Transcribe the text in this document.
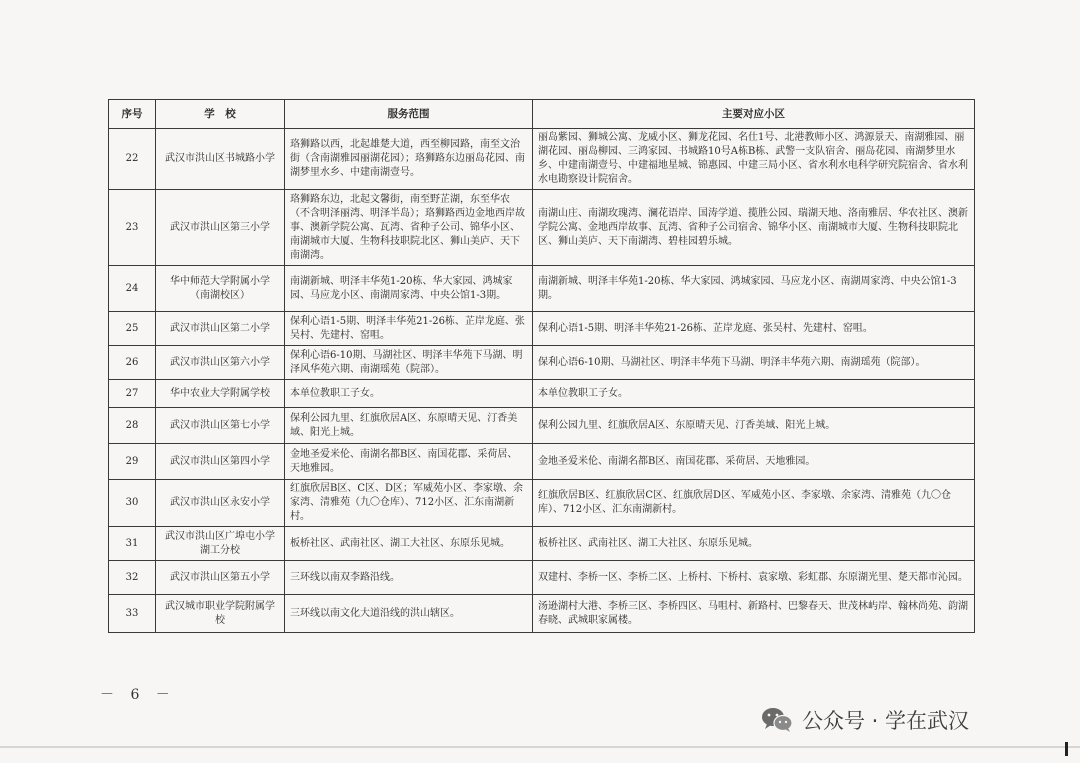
序号	学　校	服务范围	主要对应小区
22	武汉市洪山区书城路小学	珞狮路以西，北起雄楚大道，西至柳园路，南至文治街（含南湖雅园丽湖花园）；珞狮路东边丽岛花园、南湖梦里水乡、中建南湖壹号。	丽岛紫园、狮城公寓、龙威小区、狮龙花园、名仕1号、北港教师小区、鸿源景天、南湖雅园、丽湖花园、丽岛柳园、三鸿家园、书城路10号A栋B栋、武警一支队宿舍、丽岛花园、南湖梦里水乡、中建南湖壹号、中建福地星城、锦惠园、中建三局小区、省水利水电科学研究院宿舍、省水利水电勘察设计院宿舍。
23	武汉市洪山区第三小学	珞狮路东边，北起文馨街，南至野芷湖，东至华农（不含明泽丽湾、明泽半岛）；珞狮路西边金地西岸故事、澳新学院公寓、瓦湾、省种子公司、锦华小区、南湖城市大厦、生物科技职院北区、狮山美庐、天下南湖湾。	南湖山庄、南湖玫瑰湾、澜花语岸、国涛学道、揽胜公园、瑞湖天地、洛南雅居、华农社区、澳新学院公寓、金地西岸故事、瓦湾、省种子公司宿舍、锦华小区、南湖城市大厦、生物科技职院北区、狮山美庐、天下南湖湾、碧桂园碧乐城。
24	华中师范大学附属小学（南湖校区）	南湖新城、明泽丰华苑1-20栋、华大家园、鸿城家园、马应龙小区、南湖周家湾、中央公馆1-3期。	南湖新城、明泽丰华苑1-20栋、华大家园、鸿城家园、马应龙小区、南湖周家湾、中央公馆1-3期。
25	武汉市洪山区第二小学	保利心语1-5期、明泽丰华苑21-26栋、芷岸龙庭、张吴村、先建村、窑咀。	保利心语1-5期、明泽丰华苑21-26栋、芷岸龙庭、张吴村、先建村、窑咀。
26	武汉市洪山区第六小学	保利心语6-10期、马湖社区、明泽丰华苑下马湖、明泽风华苑六期、南湖瑶苑（院部）。	保利心语6-10期、马湖社区、明泽丰华苑下马湖、明泽丰华苑六期、南湖瑶苑（院部）。
27	华中农业大学附属学校	本单位教职工子女。	本单位教职工子女。
28	武汉市洪山区第七小学	保利公园九里、红旗欣居A区、东原晴天见、汀香美域、阳光上城。	保利公园九里、红旗欣居A区、东原晴天见、汀香美域、阳光上城。
29	武汉市洪山区第四小学	金地圣爱米伦、南湖名都B区、南国花郡、采荷居、天地雅园。	金地圣爱米伦、南湖名都B区、南国花郡、采荷居、天地雅园。
30	武汉市洪山区永安小学	红旗欣居B区、C区、D区；军威苑小区、李家墩、余家湾、清雅苑（九〇仓库）、712小区、汇东南湖新村。	红旗欣居B区、红旗欣居C区、红旗欣居D区、军威苑小区、李家墩、余家湾、清雅苑（九〇仓库）、712小区、汇东南湖新村。
31	武汉市洪山区广埠屯小学湖工分校	板桥社区、武南社区、湖工大社区、东原乐见城。	板桥社区、武南社区、湖工大社区、东原乐见城。
32	武汉市洪山区第五小学	三环线以南双李路沿线。	双建村、李桥一区、李桥二区、上桥村、下桥村、袁家墩、彩虹郡、东原湖光里、楚天都市沁园。
33	武汉城市职业学院附属学校	三环线以南文化大道沿线的洪山辖区。	汤逊湖村大港、李桥三区、李桥四区、马咀村、新路村、巴黎春天、世茂林屿岸、翰林尚苑、韵湖春晓、武城职家属楼。
－ 6 －
公众号 · 学在武汉
